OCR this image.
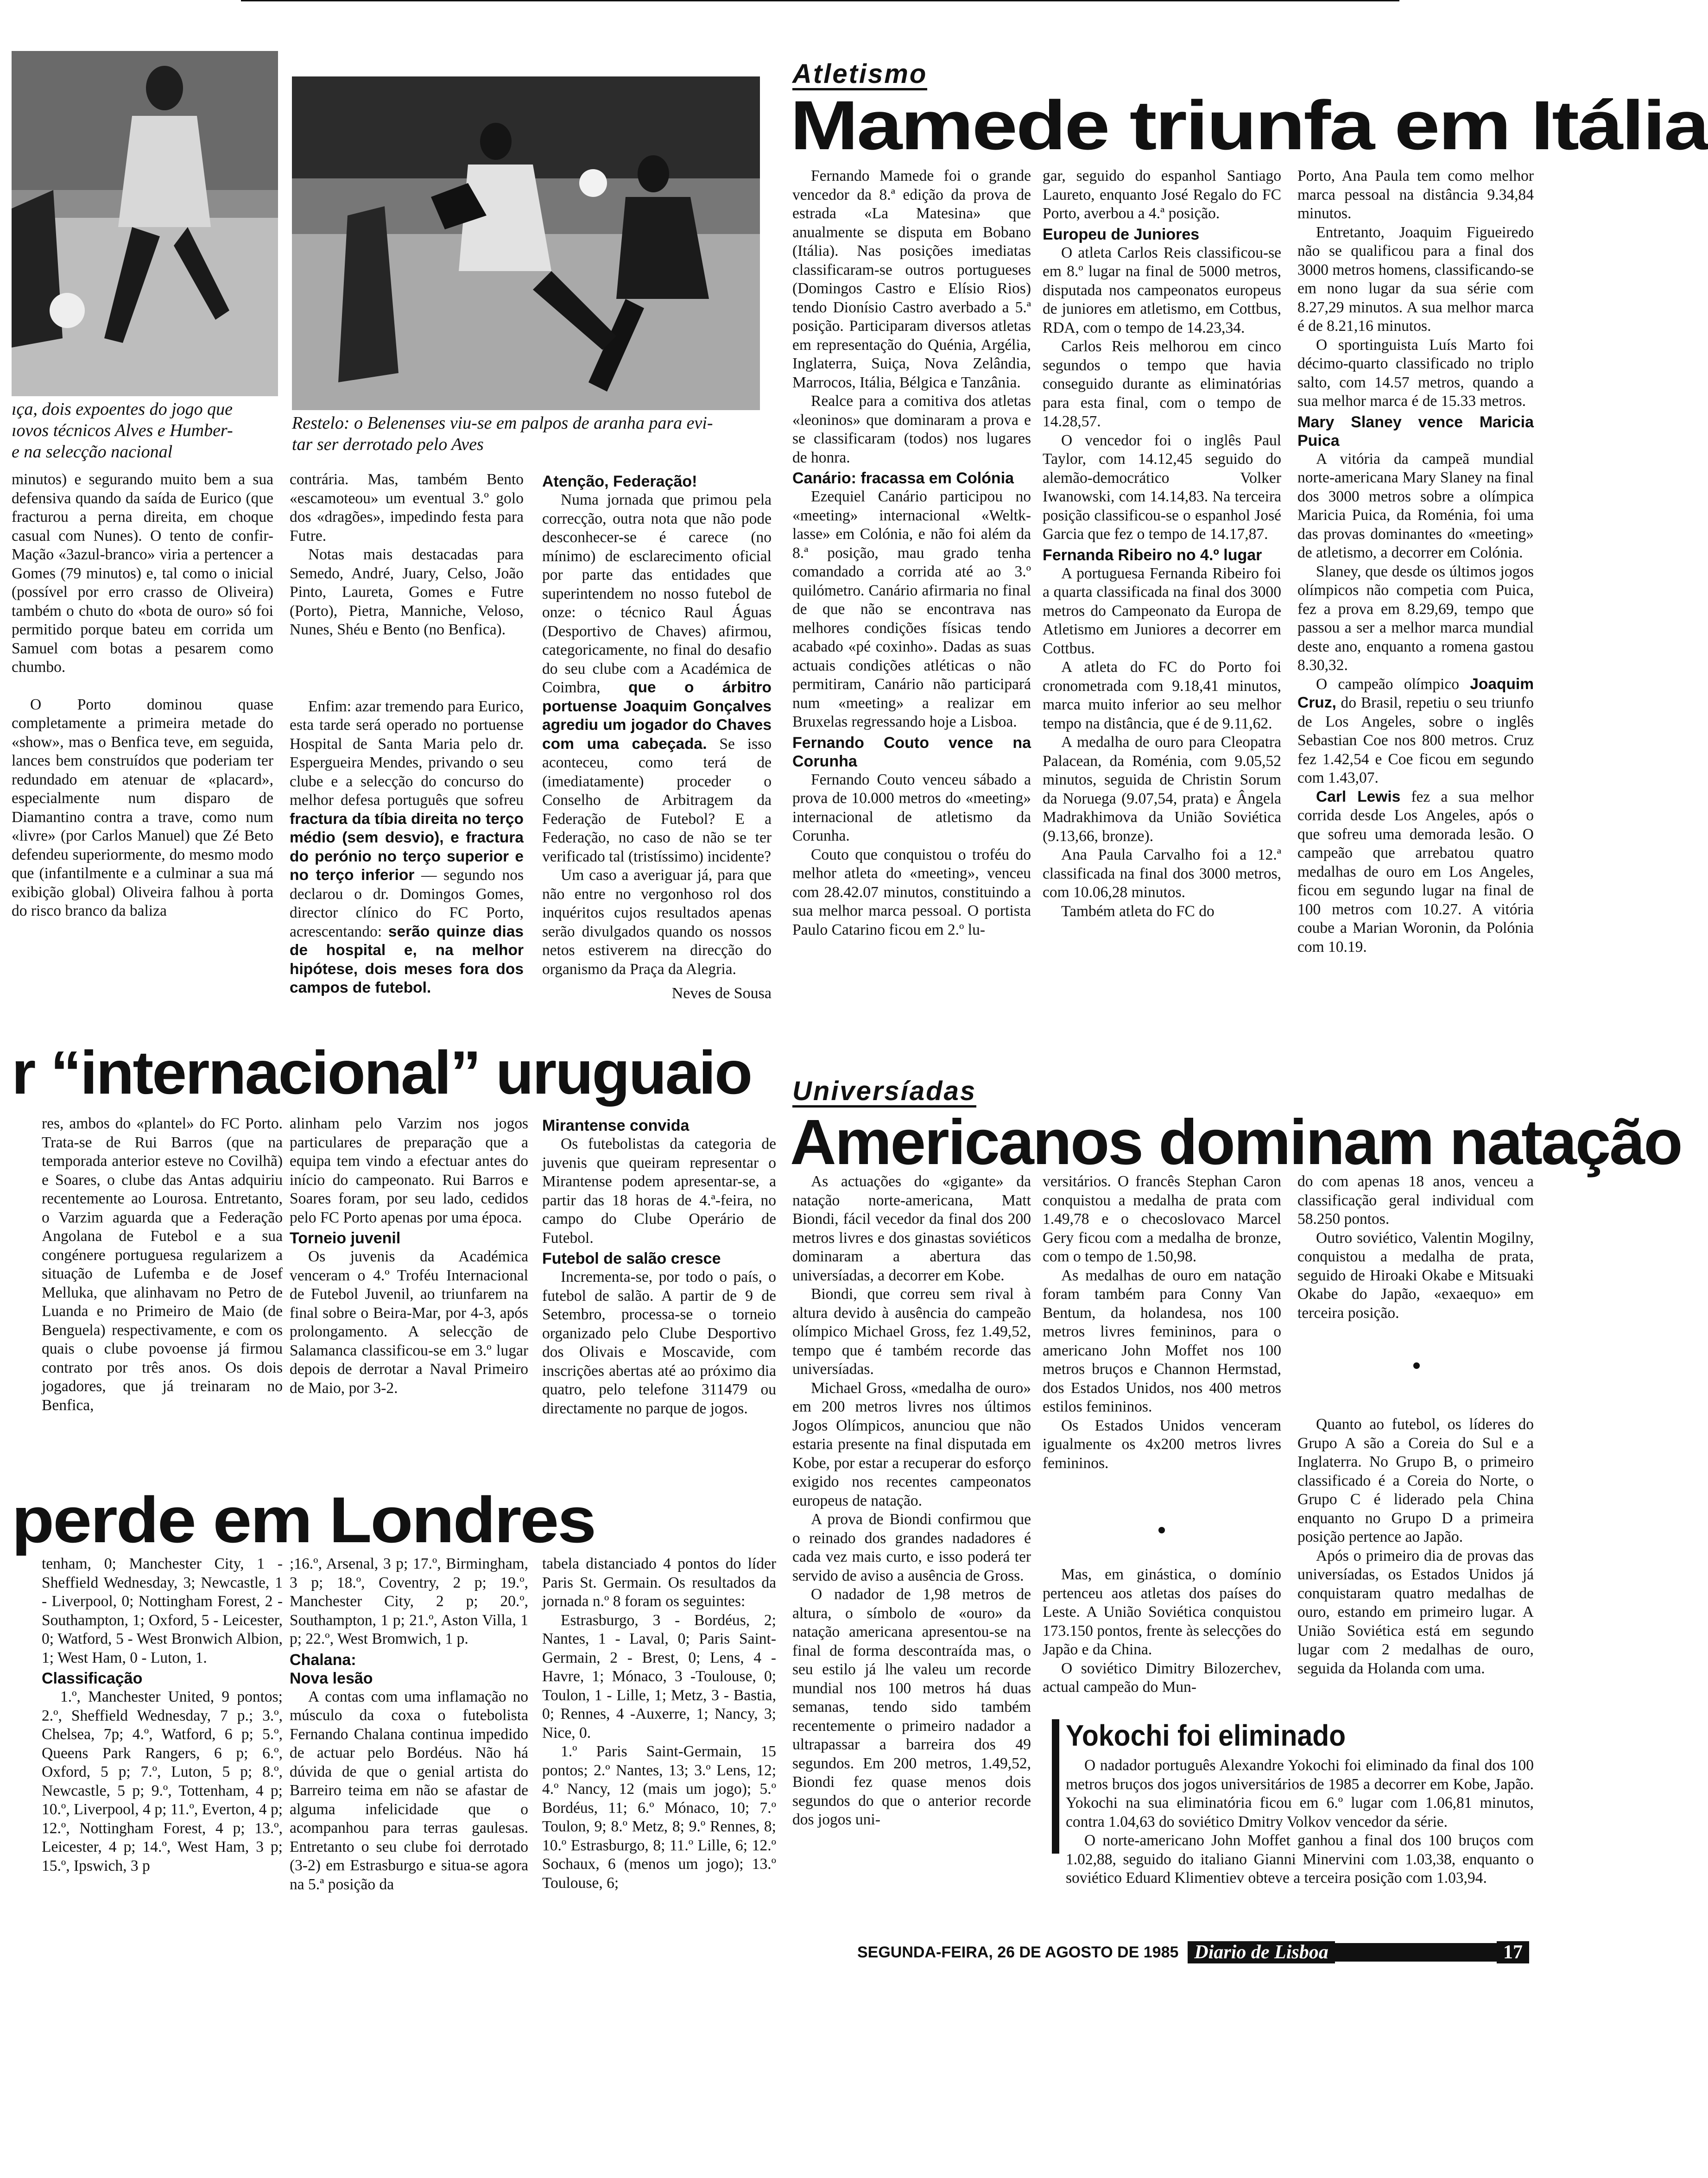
ıça, dois expoentes do jogo que
ıovos técnicos Alves e Humber-
e na selecção nacional
Restelo: o Belenenses viu-se em palpos de aranha para evi-
tar ser derrotado pelo Aves

minutos) e segurando muito bem a sua defensiva quando da saída de Eurico (que fracturou a perna direita, em choque casual com Nunes). O tento de confir-Mação «3azul-branco» viria a pertencer a Gomes (79 minutos) e, tal como o inicial (possível por erro crasso de Oliveira) também o chuto do «bota de ouro» só foi permitido porque bateu em corrida um Samuel com botas a pesarem como chumbo.

O Porto dominou quase completamente a primeira metade do «show», mas o Benfica teve, em seguida, lances bem construídos que poderiam ter redundado em atenuar de «placard», especialmente num disparo de Diamantino contra a trave, como num «livre» (por Carlos Manuel) que Zé Beto defendeu superiormente, do mesmo modo que (infantilmente e a culminar a sua má exibição global) Oliveira falhou à porta do risco branco da baliza

contrária. Mas, também Bento «escamoteou» um eventual 3.º golo dos «dragões», impedindo festa para Futre.

Notas mais destacadas para Semedo, André, Juary, Celso, João Pinto, Laureta, Gomes e Futre (Porto), Pietra, Manniche, Veloso, Nunes, Shéu e Bento (no Benfica).

Enfim: azar tremendo para Eurico, esta tarde será operado no portuense Hospital de Santa Maria pelo dr. Espergueira Mendes, privando o seu clube e a selecção do concurso do melhor defesa português que sofreu fractura da tíbia direita no terço médio (sem desvio), e fractura do perónio no terço superior e no terço inferior — segundo nos declarou o dr. Domingos Gomes, director clínico do FC Porto, acrescentando: serão quinze dias de hospital e, na melhor hipótese, dois meses fora dos campos de futebol.

Atenção, Federação!

Numa jornada que primou pela correcção, outra nota que não pode desconhecer-se é carece (no mínimo) de esclarecimento oficial por parte das entidades que superintendem no nosso futebol de onze: o técnico Raul Águas (Desportivo de Chaves) afirmou, categoricamente, no final do desafio do seu clube com a Académica de Coimbra, que o árbitro portuense Joaquim Gonçalves agrediu um jogador do Chaves com uma cabeçada. Se isso aconteceu, como terá de (imediatamente) proceder o Conselho de Arbitragem da Federação de Futebol? E a Federação, no caso de não se ter verificado tal (tristíssimo) incidente?

Um caso a averiguar já, para que não entre no vergonhoso rol dos inquéritos cujos resultados apenas serão divulgados quando os nossos netos estiverem na direcção do organismo da Praça da Alegria.

Neves de Sousa
Atletismo
Mamede triunfa em Itália

Fernando Mamede foi o grande vencedor da 8.ª edição da prova de estrada «La Matesina» que anualmente se disputa em Bobano (Itália). Nas posições imediatas classificaram-se outros portugueses (Domingos Castro e Elísio Rios) tendo Dionísio Castro averbado a 5.ª posição. Participaram diversos atletas em representação do Quénia, Argélia, Inglaterra, Suiça, Nova Zelândia, Marrocos, Itália, Bélgica e Tanzânia.

Realce para a comitiva dos atletas «leoninos» que dominaram a prova e se classificaram (todos) nos lugares de honra.

Canário: fracassa em Colónia

Ezequiel Canário participou no «meeting» internacional «Weltk-lasse» em Colónia, e não foi além da 8.ª posição, mau grado tenha comandado a corrida até ao 3.º quilómetro. Canário afirmaria no final de que não se encontrava nas melhores condições físicas tendo acabado «pé coxinho». Dadas as suas actuais condições atléticas o não permitiram, Canário não participará num «meeting» a realizar em Bruxelas regressando hoje a Lisboa.

Fernando Couto vence na Corunha

Fernando Couto venceu sábado a prova de 10.000 metros do «meeting» internacional de atletismo da Corunha.

Couto que conquistou o troféu do melhor atleta do «meeting», venceu com 28.42.07 minutos, constituindo a sua melhor marca pessoal. O portista Paulo Catarino ficou em 2.º lu-

gar, seguido do espanhol Santiago Laureto, enquanto José Regalo do FC Porto, averbou a 4.ª posição.

Europeu de Juniores

O atleta Carlos Reis classificou-se em 8.º lugar na final de 5000 metros, disputada nos campeonatos europeus de juniores em atletismo, em Cottbus, RDA, com o tempo de 14.23,34.

Carlos Reis melhorou em cinco segundos o tempo que havia conseguido durante as eliminatórias para esta final, com o tempo de 14.28,57.

O vencedor foi o inglês Paul Taylor, com 14.12,45 seguido do alemão-democrático Volker Iwanowski, com 14.14,83. Na terceira posição classificou-se o espanhol José Garcia que fez o tempo de 14.17,87.

Fernanda Ribeiro no 4.º lugar

A portuguesa Fernanda Ribeiro foi a quarta classificada na final dos 3000 metros do Campeonato da Europa de Atletismo em Juniores a decorrer em Cottbus.

A atleta do FC do Porto foi cronometrada com 9.18,41 minutos, marca muito inferior ao seu melhor tempo na distância, que é de 9.11,62.

A medalha de ouro para Cleopatra Palacean, da Roménia, com 9.05,52 minutos, seguida de Christin Sorum da Noruega (9.07,54, prata) e Ângela Madrakhimova da União Soviética (9.13,66, bronze).

Ana Paula Carvalho foi a 12.ª classificada na final dos 3000 metros, com 10.06,28 minutos.

Também atleta do FC do

Porto, Ana Paula tem como melhor marca pessoal na distância 9.34,84 minutos.

Entretanto, Joaquim Figueiredo não se qualificou para a final dos 3000 metros homens, classificando-se em nono lugar da sua série com 8.27,29 minutos. A sua melhor marca é de 8.21,16 minutos.

O sportinguista Luís Marto foi décimo-quarto classificado no triplo salto, com 14.57 metros, quando a sua melhor marca é de 15.33 metros.

Mary Slaney vence Maricia Puica

A vitória da campeã mundial norte-americana Mary Slaney na final dos 3000 metros sobre a olímpica Maricia Puica, da Roménia, foi uma das provas dominantes do «meeting» de atletismo, a decorrer em Colónia.

Slaney, que desde os últimos jogos olímpicos não competia com Puica, fez a prova em 8.29,69, tempo que passou a ser a melhor marca mundial deste ano, enquanto a romena gastou 8.30,32.

O campeão olímpico Joaquim Cruz, do Brasil, repetiu o seu triunfo de Los Angeles, sobre o inglês Sebastian Coe nos 800 metros. Cruz fez 1.42,54 e Coe ficou em segundo com 1.43,07.

Carl Lewis fez a sua melhor corrida desde Los Angeles, após o que sofreu uma demorada lesão. O campeão que arrebatou quatro medalhas de ouro em Los Angeles, ficou em segundo lugar na final de 100 metros com 10.27. A vitória coube a Marian Woronin, da Polónia com 10.19.

r “internacional” uruguaio

res, ambos do «plantel» do FC Porto. Trata-se de Rui Barros (que na temporada anterior esteve no Covilhã) e Soares, o clube das Antas adquiriu recentemente ao Lourosa. Entretanto, o Varzim aguarda que a Federação Angolana de Futebol e a sua congénere portuguesa regularizem a situação de Lufemba e de Josef Melluka, que alinhavam no Petro de Luanda e no Primeiro de Maio (de Benguela) respectivamente, e com os quais o clube povoense já firmou contrato por três anos. Os dois jogadores, que já treinaram no Benfica,

alinham pelo Varzim nos jogos particulares de preparação que a equipa tem vindo a efectuar antes do início do campeonato. Rui Barros e Soares foram, por seu lado, cedidos pelo FC Porto apenas por uma época.

Torneio juvenil

Os juvenis da Académica venceram o 4.º Troféu Internacional de Futebol Juvenil, ao triunfarem na final sobre o Beira-Mar, por 4-3, após prolongamento. A selecção de Salamanca classificou-se em 3.º lugar depois de derrotar a Naval Primeiro de Maio, por 3-2.

Mirantense convida

Os futebolistas da categoria de juvenis que queiram representar o Mirantense podem apresentar-se, a partir das 18 horas de 4.ª-feira, no campo do Clube Operário de Futebol.

Futebol de salão cresce

Incrementa-se, por todo o país, o futebol de salão. A partir de 9 de Setembro, processa-se o torneio organizado pelo Clube Desportivo dos Olivais e Moscavide, com inscrições abertas até ao próximo dia quatro, pelo telefone 311479 ou directamente no parque de jogos.

perde em Londres

tenham, 0; Manchester City, 1 -Sheffield Wednesday, 3; Newcastle, 1 - Liverpool, 0; Nottingham Forest, 2 - Southampton, 1; Oxford, 5 - Leicester, 0; Watford, 5 - West Bronwich Albion, 1; West Ham, 0 - Luton, 1.

Classificação

1.º, Manchester United, 9 pontos; 2.º, Sheffield Wednesday, 7 p.; 3.º, Chelsea, 7p; 4.º, Watford, 6 p; 5.º, Queens Park Rangers, 6 p; 6.º, Oxford, 5 p; 7.º, Luton, 5 p; 8.º, Newcastle, 5 p; 9.º, Tottenham, 4 p; 10.º, Liverpool, 4 p; 11.º, Everton, 4 p; 12.º, Nottingham Forest, 4 p; 13.º, Leicester, 4 p; 14.º, West Ham, 3 p; 15.º, Ipswich, 3 p

;16.º, Arsenal, 3 p; 17.º, Birmingham, 3 p; 18.º, Coventry, 2 p; 19.º, Manchester City, 2 p; 20.º, Southampton, 1 p; 21.º, Aston Villa, 1 p; 22.º, West Bromwich, 1 p.

Chalana:
Nova lesão

A contas com uma inflamação no músculo da coxa o futebolista Fernando Chalana continua impedido de actuar pelo Bordéus. Não há dúvida de que o genial artista do Barreiro teima em não se afastar de alguma infelicidade que o acompanhou para terras gaulesas. Entretanto o seu clube foi derrotado (3-2) em Estrasburgo e situa-se agora na 5.ª posição da

tabela distanciado 4 pontos do líder Paris St. Germain. Os resultados da jornada n.º 8 foram os seguintes:

Estrasburgo, 3 - Bordéus, 2; Nantes, 1 - Laval, 0; Paris Saint-Germain, 2 - Brest, 0; Lens, 4 - Havre, 1; Mónaco, 3 -Toulouse, 0; Toulon, 1 - Lille, 1; Metz, 3 - Bastia, 0; Rennes, 4 -Auxerre, 1; Nancy, 3; Nice, 0.

1.º Paris Saint-Germain, 15 pontos; 2.º Nantes, 13; 3.º Lens, 12; 4.º Nancy, 12 (mais um jogo); 5.º Bordéus, 11; 6.º Mónaco, 10; 7.º Toulon, 9; 8.º Metz, 8; 9.º Rennes, 8; 10.º Estrasburgo, 8; 11.º Lille, 6; 12.º Sochaux, 6 (menos um jogo); 13.º Toulouse, 6;

Universíadas
Americanos dominam natação

As actuações do «gigante» da natação norte-americana, Matt Biondi, fácil vecedor da final dos 200 metros livres e dos ginastas soviéticos dominaram a abertura das universíadas, a decorrer em Kobe.

Biondi, que correu sem rival à altura devido à ausência do campeão olímpico Michael Gross, fez 1.49,52, tempo que é também recorde das universíadas.

Michael Gross, «medalha de ouro» em 200 metros livres nos últimos Jogos Olímpicos, anunciou que não estaria presente na final disputada em Kobe, por estar a recuperar do esforço exigido nos recentes campeonatos europeus de natação.

A prova de Biondi confirmou que o reinado dos grandes nadadores é cada vez mais curto, e isso poderá ter servido de aviso a ausência de Gross.

O nadador de 1,98 metros de altura, o símbolo de «ouro» da natação americana apresentou-se na final de forma descontraída mas, o seu estilo já lhe valeu um recorde mundial nos 100 metros há duas semanas, tendo sido também recentemente o primeiro nadador a ultrapassar a barreira dos 49 segundos. Em 200 metros, 1.49,52, Biondi fez quase menos dois segundos do que o anterior recorde dos jogos uni-

versitários. O francês Stephan Caron conquistou a medalha de prata com 1.49,78 e o checoslovaco Marcel Gery ficou com a medalha de bronze, com o tempo de 1.50,98.

As medalhas de ouro em natação foram também para Conny Van Bentum, da holandesa, nos 100 metros livres femininos, para o americano John Moffet nos 100 metros bruços e Channon Hermstad, dos Estados Unidos, nos 400 metros estilos femininos.

Os Estados Unidos venceram igualmente os 4x200 metros livres femininos.

Mas, em ginástica, o domínio pertenceu aos atletas dos países do Leste. A União Soviética conquistou 173.150 pontos, frente às selecções do Japão e da China.

O soviético Dimitry Bilozerchev, actual campeão do Mun-

do com apenas 18 anos, venceu a classificação geral individual com 58.250 pontos.

Outro soviético, Valentin Mogilny, conquistou a medalha de prata, seguido de Hiroaki Okabe e Mitsuaki Okabe do Japão, «exaequo» em terceira posição.

Quanto ao futebol, os líderes do Grupo A são a Coreia do Sul e a Inglaterra. No Grupo B, o primeiro classificado é a Coreia do Norte, o Grupo C é liderado pela China enquanto no Grupo D a primeira posição pertence ao Japão.

Após o primeiro dia de provas das universíadas, os Estados Unidos já conquistaram quatro medalhas de ouro, estando em primeiro lugar. A União Soviética está em segundo lugar com 2 medalhas de ouro, seguida da Holanda com uma.

Yokochi foi eliminado

O nadador português Alexandre Yokochi foi eliminado da final dos 100 metros bruços dos jogos universitários de 1985 a decorrer em Kobe, Japão. Yokochi na sua eliminatória ficou em 6.º lugar com 1.06,81 minutos, contra 1.04,63 do soviético Dmitry Volkov vencedor da série.

O norte-americano John Moffet ganhou a final dos 100 bruços com 1.02,88, seguido do italiano Gianni Minervini com 1.03,38, enquanto o soviético Eduard Klimentiev obteve a terceira posição com 1.03,94.

SEGUNDA-FEIRA, 26 DE AGOSTO DE 1985 Diario de Lisboa	17
